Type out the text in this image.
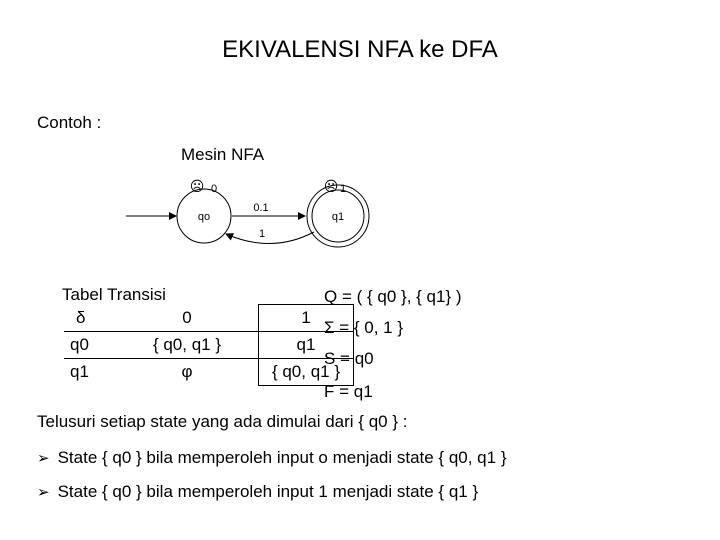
EKIVALENSI NFA ke DFA
Contoh :
Mesin NFA
qo	q1
0.1
1
☹ 0	☹ 1
Tabel Transisi
δ	0	1
q0	{ q0, q1 }	q1
q1	φ	{ q0, q1 }
Q = ( { q0 }, { q1} )
Σ = { 0, 1 }
S = q0
F = q1
Telusuri setiap state yang ada dimulai dari { q0 } :
➢ State { q0 } bila memperoleh input o menjadi state { q0, q1 }
➢ State { q0 } bila memperoleh input 1 menjadi state { q1 }
